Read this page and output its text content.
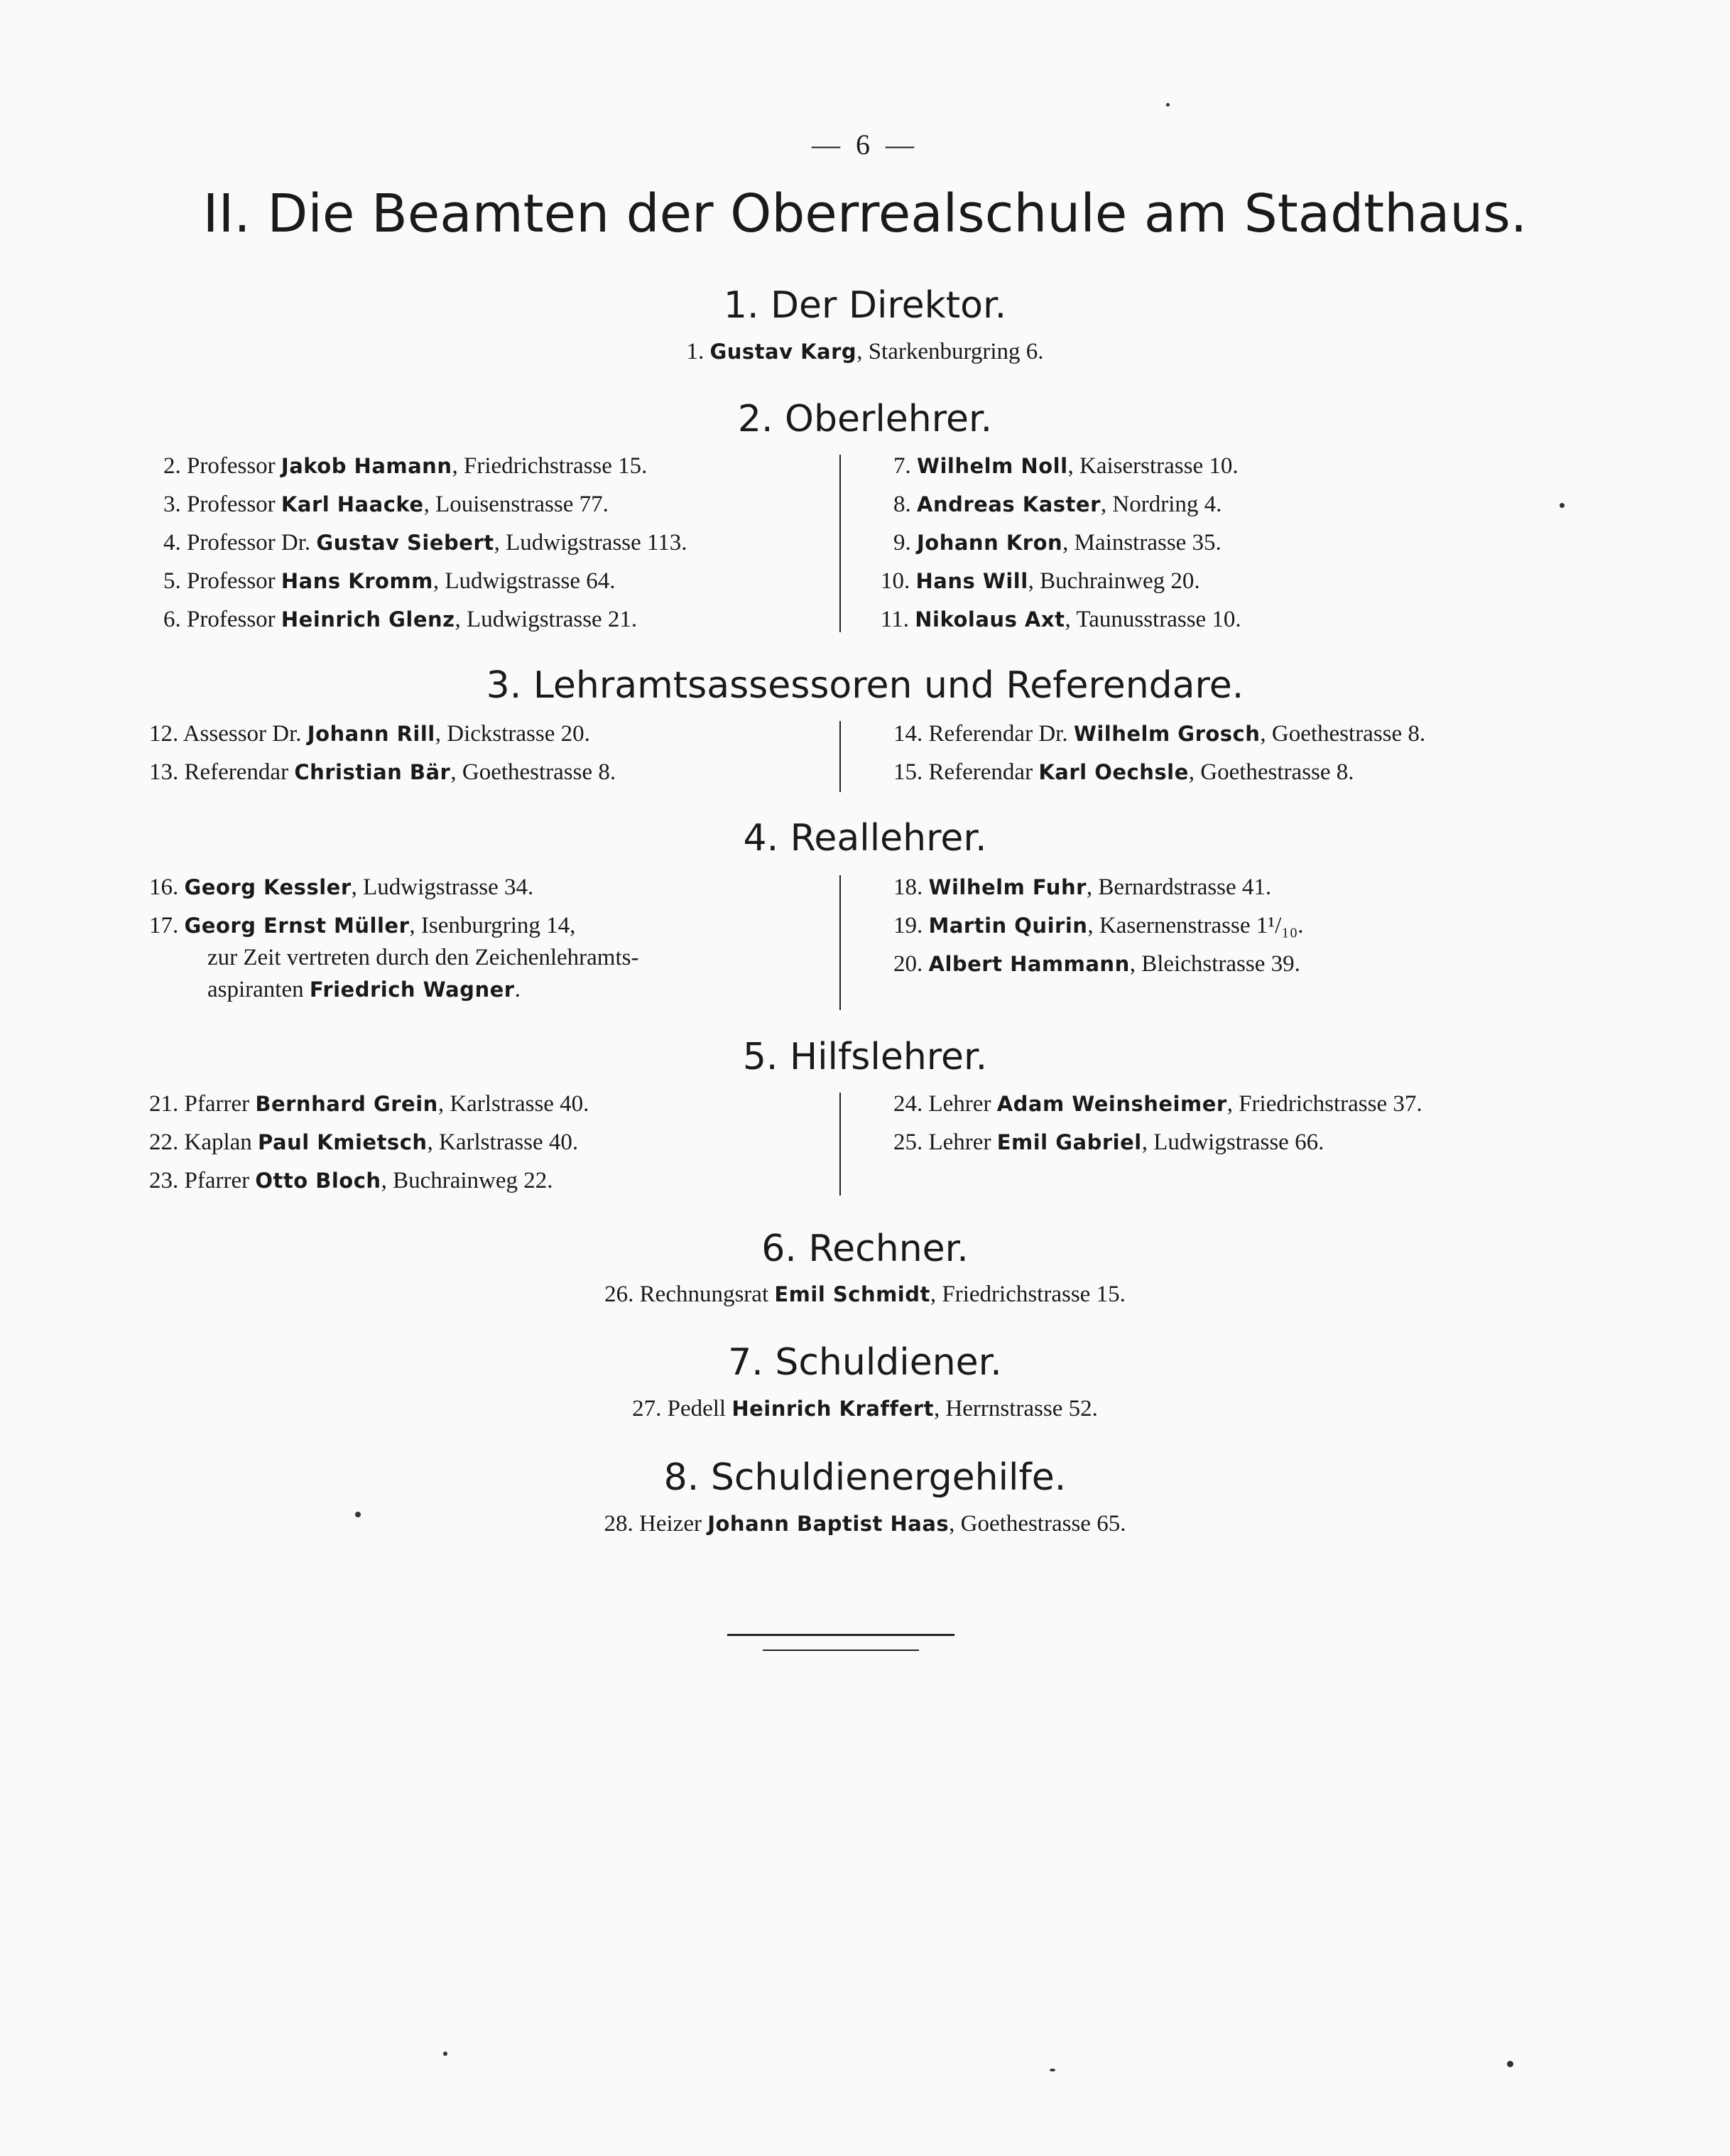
— 6 —
II. Die Beamten der Oberrealschule am Stadthaus.
1. Der Direktor.
1. Gustav Karg, Starkenburgring 6.
2. Oberlehrer.
2. Professor Jakob Hamann, Friedrichstrasse 15.
3. Professor Karl Haacke, Louisenstrasse 77.
4. Professor Dr. Gustav Siebert, Ludwigstrasse 113.
5. Professor Hans Kromm, Ludwigstrasse 64.
6. Professor Heinrich Glenz, Ludwigstrasse 21.
7. Wilhelm Noll, Kaiserstrasse 10.
8. Andreas Kaster, Nordring 4.
9. Johann Kron, Mainstrasse 35.
10. Hans Will, Buchrainweg 20.
11. Nikolaus Axt, Taunusstrasse 10.
3. Lehramtsassessoren und Referendare.
12. Assessor Dr. Johann Rill, Dickstrasse 20.
13. Referendar Christian Bär, Goethestrasse 8.
14. Referendar Dr. Wilhelm Grosch, Goethestrasse 8.
15. Referendar Karl Oechsle, Goethestrasse 8.
4. Reallehrer.
16. Georg Kessler, Ludwigstrasse 34.
17. Georg Ernst Müller, Isenburgring 14,
zur Zeit vertreten durch den Zeichenlehramts-
aspiranten Friedrich Wagner.
18. Wilhelm Fuhr, Bernardstrasse 41.
19. Martin Quirin, Kasernenstrasse 1¹/₁₀.
20. Albert Hammann, Bleichstrasse 39.
5. Hilfslehrer.
21. Pfarrer Bernhard Grein, Karlstrasse 40.
22. Kaplan Paul Kmietsch, Karlstrasse 40.
23. Pfarrer Otto Bloch, Buchrainweg 22.
24. Lehrer Adam Weinsheimer, Friedrichstrasse 37.
25. Lehrer Emil Gabriel, Ludwigstrasse 66.
6. Rechner.
26. Rechnungsrat Emil Schmidt, Friedrichstrasse 15.
7. Schuldiener.
27. Pedell Heinrich Kraffert, Herrnstrasse 52.
8. Schuldienergehilfe.
28. Heizer Johann Baptist Haas, Goethestrasse 65.
